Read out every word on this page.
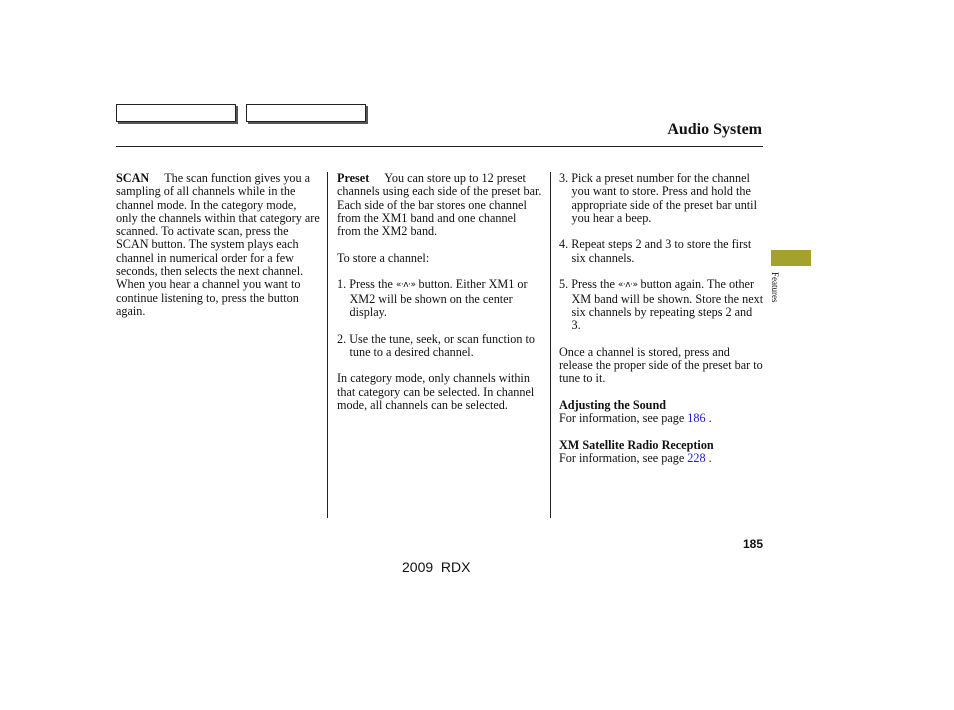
Audio System

SCAN The scan function gives you a sampling of all channels while in the channel mode. In the category mode, only the channels within that category are scanned. To activate scan, press the SCAN button. The system plays each channel in numerical order for a few seconds, then selects the next channel. When you hear a channel you want to continue listening to, press the button again.

Preset You can store up to 12 preset channels using each side of the preset bar. Each side of the bar stores one channel from the XM1 band and one channel from the XM2 band.

To store a channel:

1. Press the «·ʌ·» button. Either XM1 or XM2 will be shown on the center display.

2. Use the tune, seek, or scan function to tune to a desired channel.

In category mode, only channels within that category can be selected. In channel mode, all channels can be selected.

3. Pick a preset number for the channel you want to store. Press and hold the appropriate side of the preset bar until you hear a beep.

4. Repeat steps 2 and 3 to store the first six channels.

5. Press the «·ʌ·» button again. The other XM band will be shown. Store the next six channels by repeating steps 2 and 3.

Once a channel is stored, press and release the proper side of the preset bar to tune to it.

Adjusting the Sound
For information, see page 186 .

XM Satellite Radio Reception
For information, see page 228 .

Features
185
2009  RDX
